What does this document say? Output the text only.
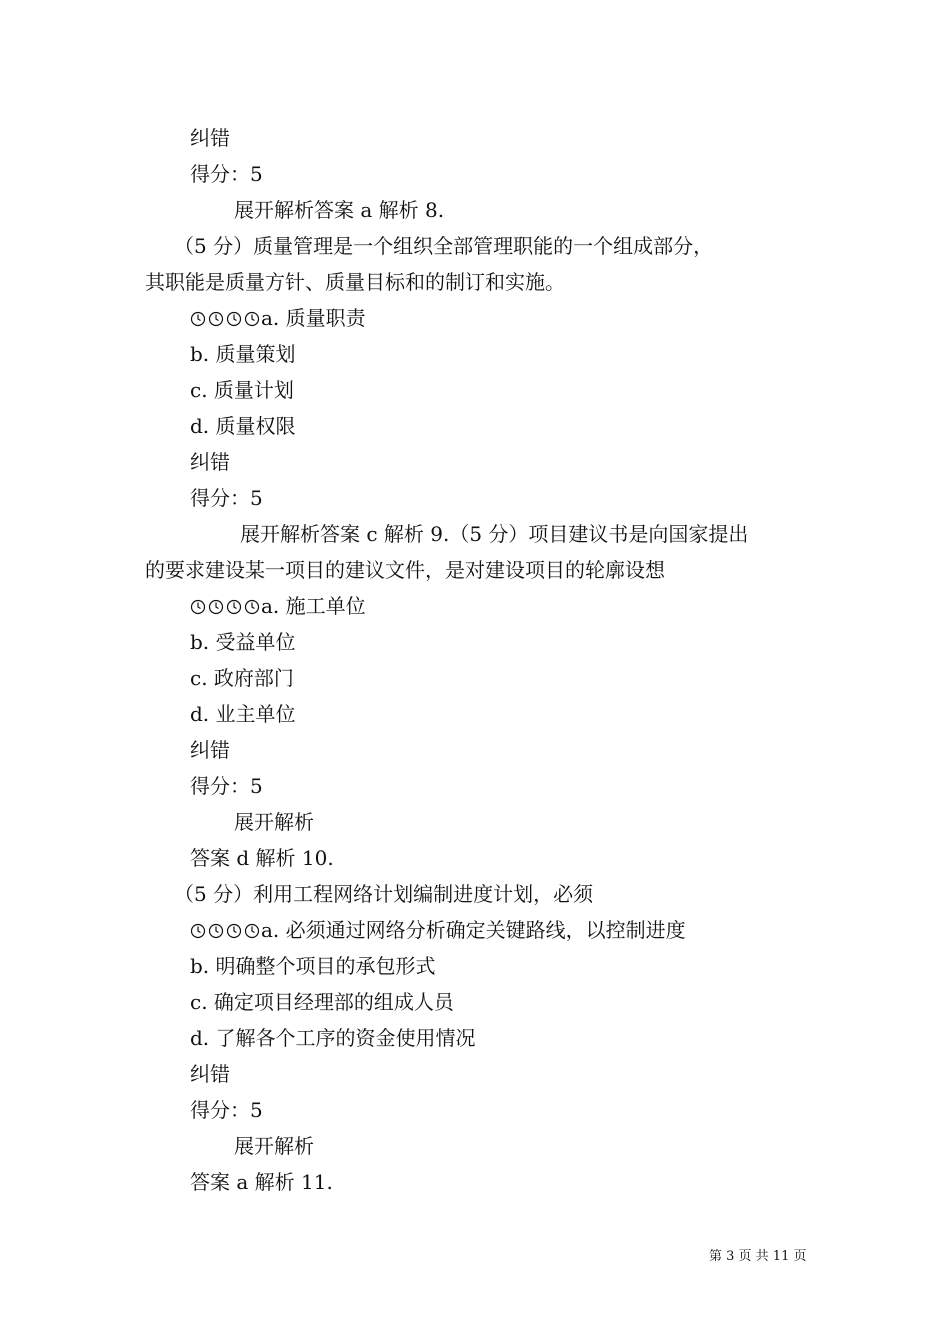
纠错
得分：5
展开解析答案 a 解析 8.
（5 分）质量管理是一个组织全部管理职能的一个组成部分，
其职能是质量方针、质量目标和的制订和实施。
a. 质量职责
b. 质量策划
c. 质量计划
d. 质量权限
纠错
得分：5
展开解析答案 c 解析 9.（5 分）项目建议书是向国家提出
的要求建设某一项目的建议文件，是对建设项目的轮廓设想
a. 施工单位
b. 受益单位
c. 政府部门
d. 业主单位
纠错
得分：5
展开解析
答案 d 解析 10.
（5 分）利用工程网络计划编制进度计划，必须
a. 必须通过网络分析确定关键路线，以控制进度
b. 明确整个项目的承包形式
c. 确定项目经理部的组成人员
d. 了解各个工序的资金使用情况
纠错
得分：5
展开解析
答案 a 解析 11.
第 3 页 共 11 页
